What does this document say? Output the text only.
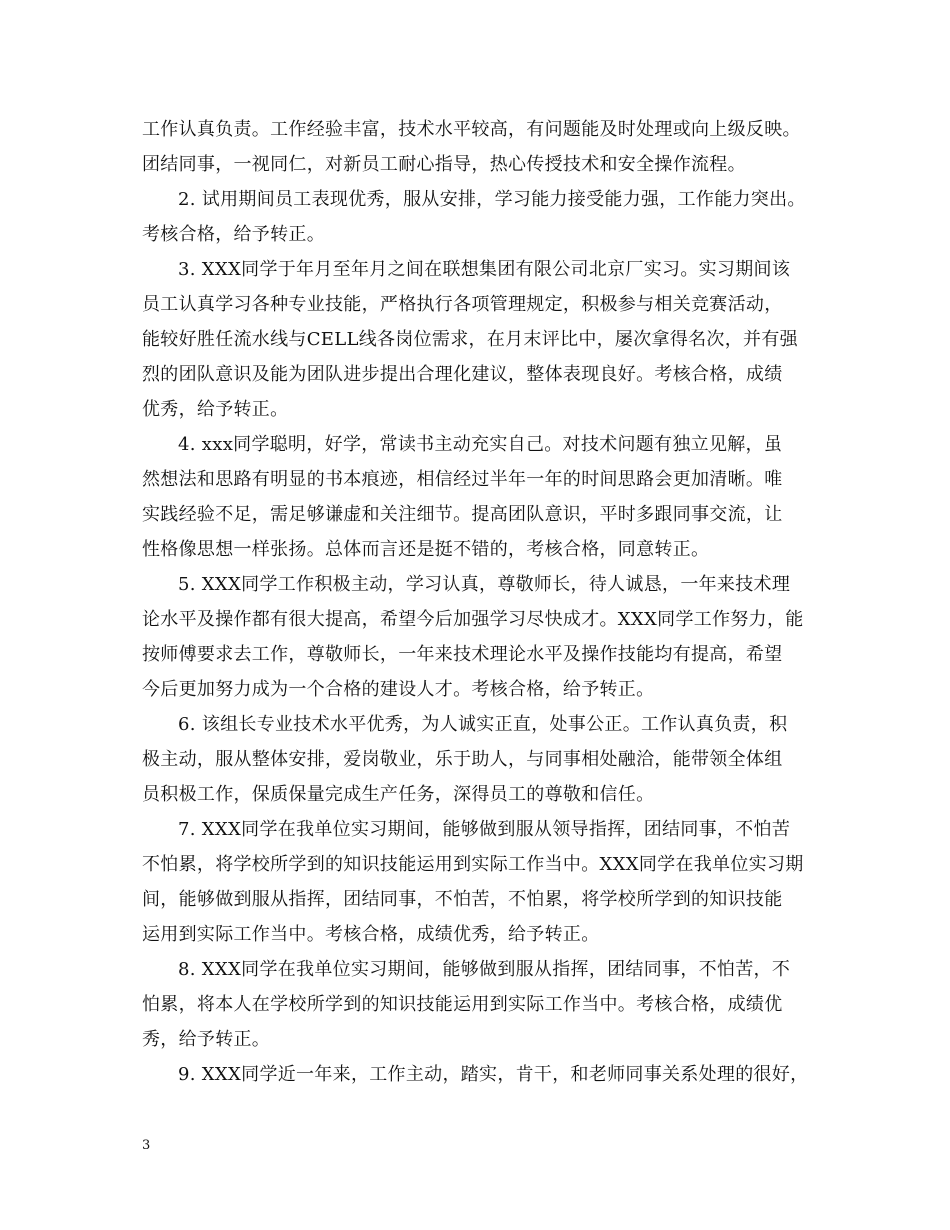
工作认真负责。工作经验丰富，技术水平较高，有问题能及时处理或向上级反映。
团结同事，一视同仁，对新员工耐心指导，热心传授技术和安全操作流程。
2. 试用期间员工表现优秀，服从安排，学习能力接受能力强，工作能力突出。
考核合格，给予转正。
3. XXX同学于年月至年月之间在联想集团有限公司北京厂实习。实习期间该
员工认真学习各种专业技能，严格执行各项管理规定，积极参与相关竞赛活动，
能较好胜任流水线与CELL线各岗位需求，在月末评比中，屡次拿得名次，并有强
烈的团队意识及能为团队进步提出合理化建议，整体表现良好。考核合格，成绩
优秀，给予转正。
4. xxx同学聪明，好学，常读书主动充实自己。对技术问题有独立见解，虽
然想法和思路有明显的书本痕迹，相信经过半年一年的时间思路会更加清晰。唯
实践经验不足，需足够谦虚和关注细节。提高团队意识，平时多跟同事交流，让
性格像思想一样张扬。总体而言还是挺不错的，考核合格，同意转正。
5. XXX同学工作积极主动，学习认真，尊敬师长，待人诚恳，一年来技术理
论水平及操作都有很大提高，希望今后加强学习尽快成才。XXX同学工作努力，能
按师傅要求去工作，尊敬师长，一年来技术理论水平及操作技能均有提高，希望
今后更加努力成为一个合格的建设人才。考核合格，给予转正。
6. 该组长专业技术水平优秀，为人诚实正直，处事公正。工作认真负责，积
极主动，服从整体安排，爱岗敬业，乐于助人，与同事相处融洽，能带领全体组
员积极工作，保质保量完成生产任务，深得员工的尊敬和信任。
7. XXX同学在我单位实习期间，能够做到服从领导指挥，团结同事，不怕苦
不怕累，将学校所学到的知识技能运用到实际工作当中。XXX同学在我单位实习期
间，能够做到服从指挥，团结同事，不怕苦，不怕累，将学校所学到的知识技能
运用到实际工作当中。考核合格，成绩优秀，给予转正。
8. XXX同学在我单位实习期间，能够做到服从指挥，团结同事，不怕苦，不
怕累，将本人在学校所学到的知识技能运用到实际工作当中。考核合格，成绩优
秀，给予转正。
9. XXX同学近一年来，工作主动，踏实，肯干，和老师同事关系处理的很好，
3
